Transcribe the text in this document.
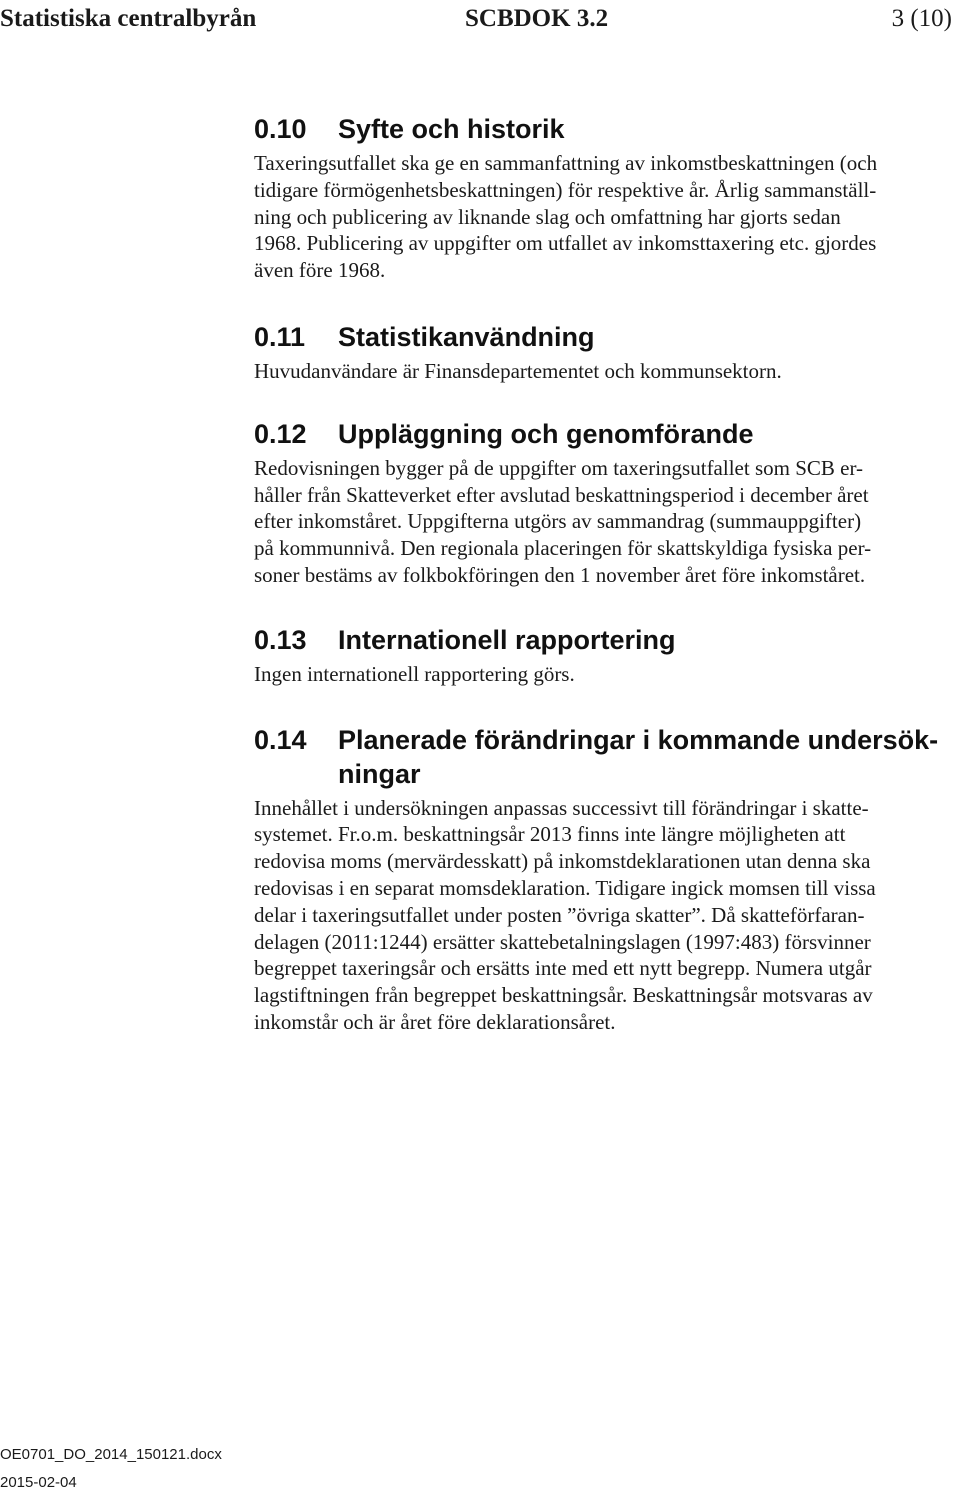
Statistiska centralbyrån	SCBDOK 3.2	3 (10)
0.10	Syfte och historik

Taxeringsutfallet ska ge en sammanfattning av inkomstbeskattningen (och
tidigare förmögenhetsbeskattningen) för respektive år. Årlig sammanställ-
ning och publicering av liknande slag och omfattning har gjorts sedan
1968. Publicering av uppgifter om utfallet av inkomsttaxering etc. gjordes
även före 1968.

0.11	Statistikanvändning

Huvudanvändare är Finansdepartementet och kommunsektorn.

0.12	Uppläggning och genomförande

Redovisningen bygger på de uppgifter om taxeringsutfallet som SCB er-
håller från Skatteverket efter avslutad beskattningsperiod i december året
efter inkomståret. Uppgifterna utgörs av sammandrag (summauppgifter)
på kommunnivå. Den regionala placeringen för skattskyldiga fysiska per-
soner bestäms av folkbokföringen den 1 november året före inkomståret.

0.13	Internationell rapportering

Ingen internationell rapportering görs.

0.14	Planerade förändringar i kommande undersök-
ningar

Innehållet i undersökningen anpassas successivt till förändringar i skatte-
systemet. Fr.o.m. beskattningsår 2013 finns inte längre möjligheten att
redovisa moms (mervärdesskatt) på inkomstdeklarationen utan denna ska
redovisas i en separat momsdeklaration. Tidigare ingick momsen till vissa
delar i taxeringsutfallet under posten ”övriga skatter”. Då skatteförfaran-
delagen (2011:1244) ersätter skattebetalningslagen (1997:483) försvinner
begreppet taxeringsår och ersätts inte med ett nytt begrepp. Numera utgår
lagstiftningen från begreppet beskattningsår. Beskattningsår motsvaras av
inkomstår och är året före deklarationsåret.

OE0701_DO_2014_150121.docx
2015-02-04
